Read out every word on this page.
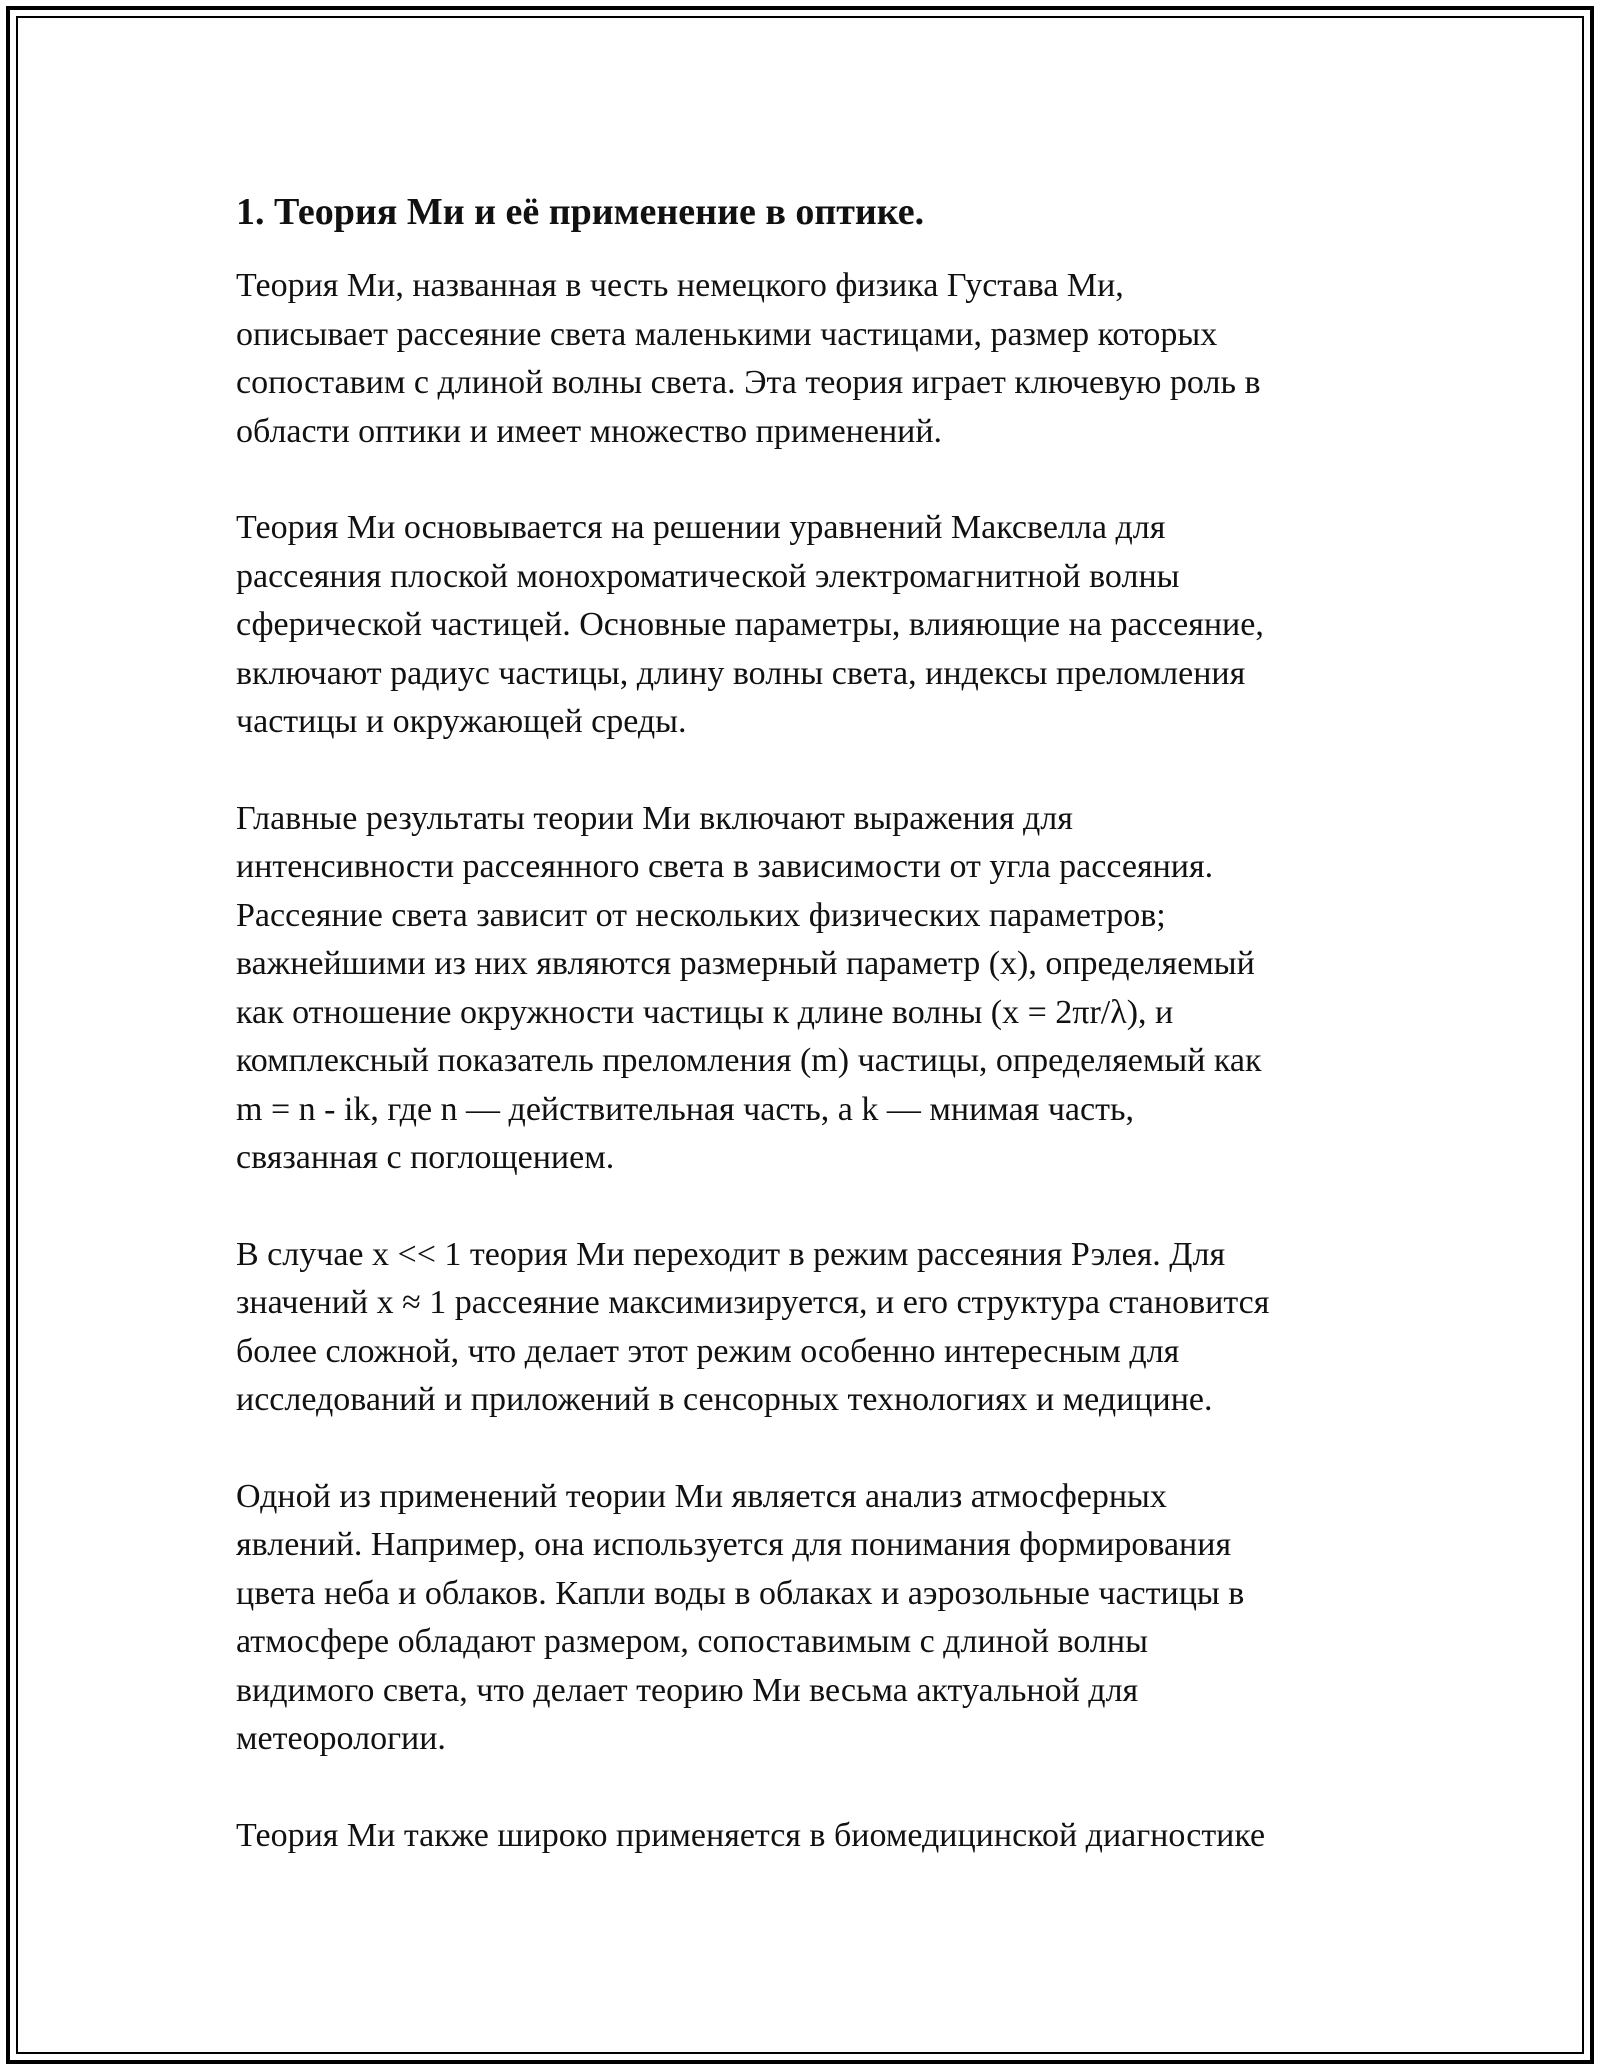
1. Теория Ми и её применение в оптике.

Теория Ми, названная в честь немецкого физика Густава Ми,
описывает рассеяние света маленькими частицами, размер которых
сопоставим с длиной волны света. Эта теория играет ключевую роль в
области оптики и имеет множество применений.

Теория Ми основывается на решении уравнений Максвелла для
рассеяния плоской монохроматической электромагнитной волны
сферической частицей. Основные параметры, влияющие на рассеяние,
включают радиус частицы, длину волны света, индексы преломления
частицы и окружающей среды.

Главные результаты теории Ми включают выражения для
интенсивности рассеянного света в зависимости от угла рассеяния.
Рассеяние света зависит от нескольких физических параметров;
важнейшими из них являются размерный параметр (x), определяемый
как отношение окружности частицы к длине волны (x = 2πr/λ), и
комплексный показатель преломления (m) частицы, определяемый как
m = n - ik, где n — действительная часть, а k — мнимая часть,
связанная с поглощением.

В случае x << 1 теория Ми переходит в режим рассеяния Рэлея. Для
значений x ≈ 1 рассеяние максимизируется, и его структура становится
более сложной, что делает этот режим особенно интересным для
исследований и приложений в сенсорных технологиях и медицине.

Одной из применений теории Ми является анализ атмосферных
явлений. Например, она используется для понимания формирования
цвета неба и облаков. Капли воды в облаках и аэрозольные частицы в
атмосфере обладают размером, сопоставимым с длиной волны
видимого света, что делает теорию Ми весьма актуальной для
метеорологии.

Теория Ми также широко применяется в биомедицинской диагностике
